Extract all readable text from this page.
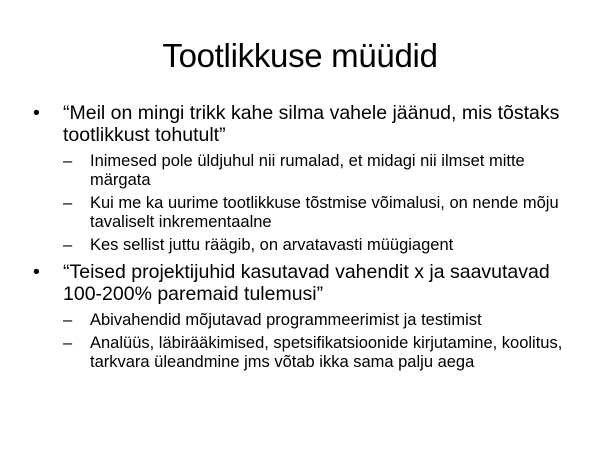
Tootlikkuse müüdid
• “Meil on mingi trikk kahe silma vahele jäänud, mis tõstaks tootlikkust tohutult”
– Inimesed pole üldjuhul nii rumalad, et midagi nii ilmset mitte märgata
– Kui me ka uurime tootlikkuse tõstmise võimalusi, on nende mõju tavaliselt inkrementaalne
– Kes sellist juttu räägib, on arvatavasti müügiagent
• “Teised projektijuhid kasutavad vahendit x ja saavutavad 100-200% paremaid tulemusi”
– Abivahendid mõjutavad programmeerimist ja testimist
– Analüüs, läbirääkimised, spetsifikatsioonide kirjutamine, koolitus, tarkvara üleandmine jms võtab ikka sama palju aega
